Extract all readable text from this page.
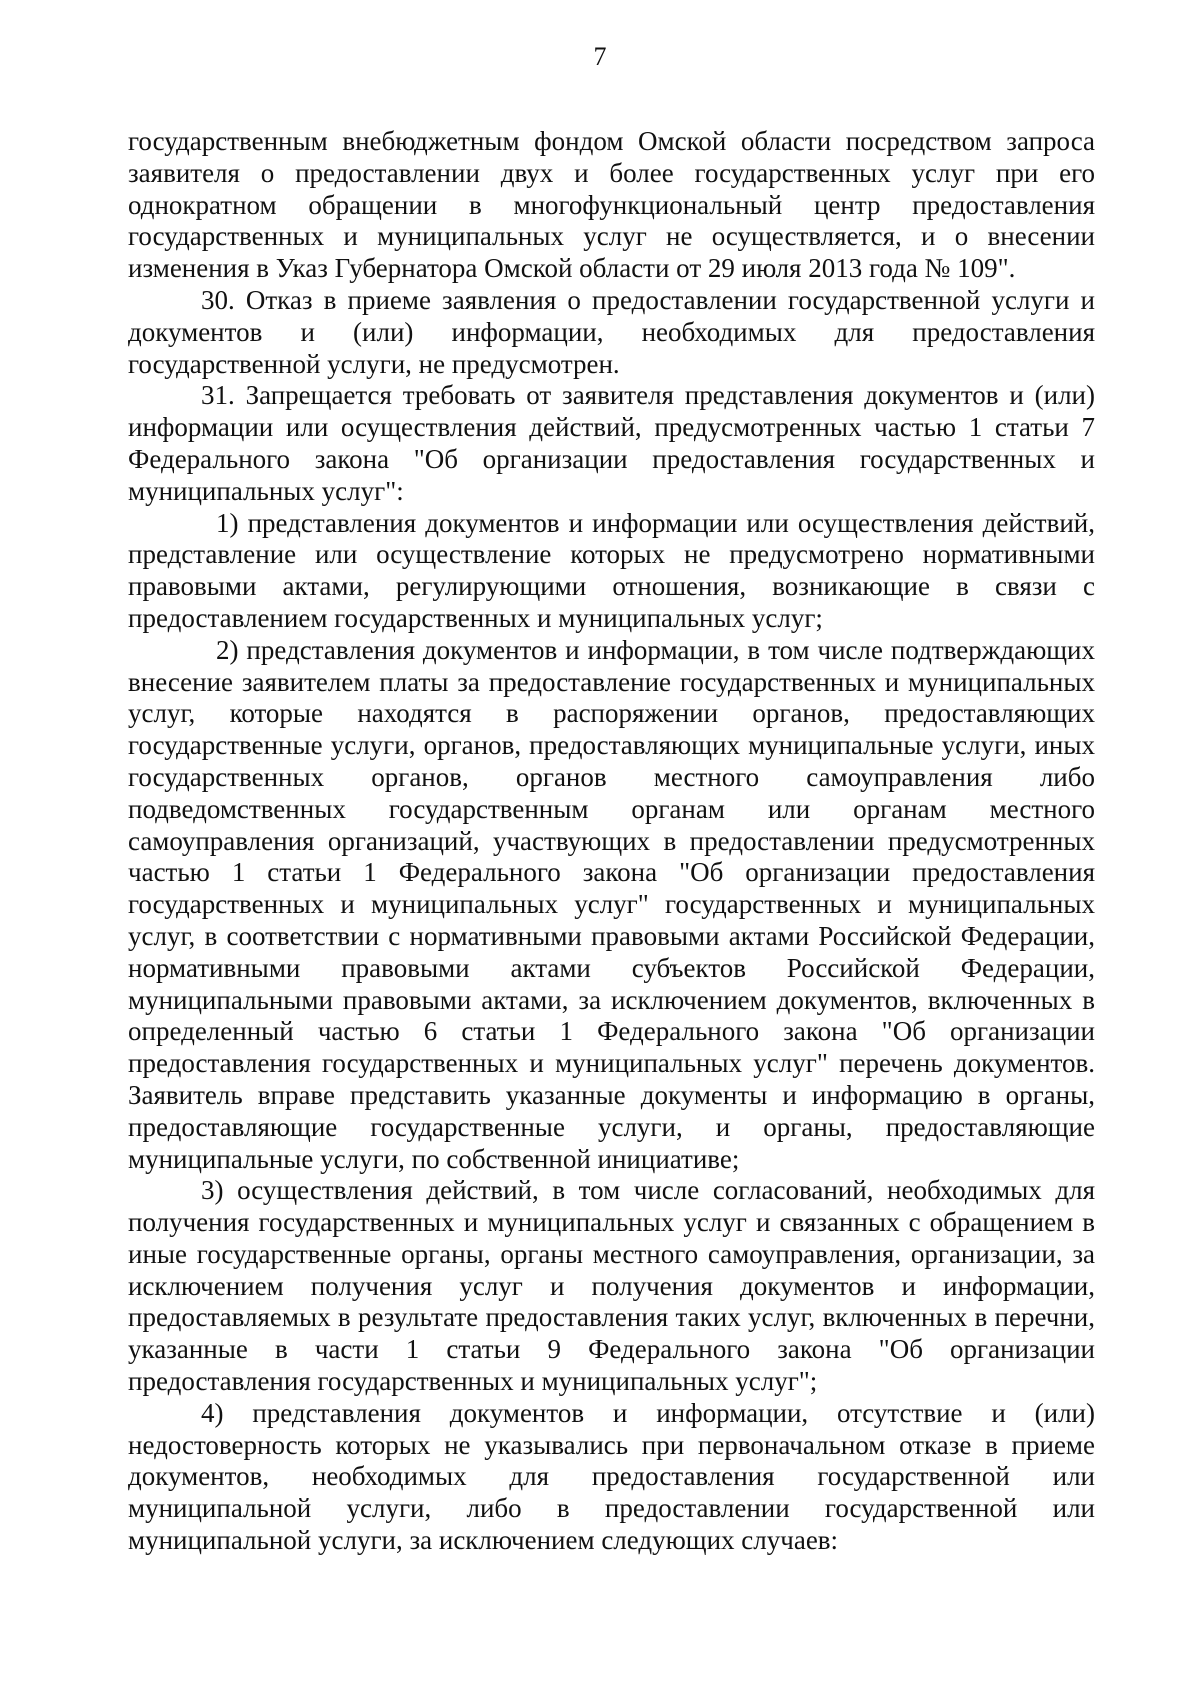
7

государственным внебюджетным фондом Омской области посредством запроса заявителя о предоставлении двух и более государственных услуг при его однократном обращении в многофункциональный центр предоставления государственных и муниципальных услуг не осуществляется, и о внесении изменения в Указ Губернатора Омской области от 29 июля 2013 года № 109".

30. Отказ в приеме заявления о предоставлении государственной услуги и документов и (или) информации, необходимых для предоставления государственной услуги, не предусмотрен.

31. Запрещается требовать от заявителя представления документов и (или) информации или осуществления действий, предусмотренных частью 1 статьи 7 Федерального закона "Об организации предоставления государственных и муниципальных услуг":

1) представления документов и информации или осуществления действий, представление или осуществление которых не предусмотрено нормативными правовыми актами, регулирующими отношения, возникающие в связи с предоставлением государственных и муниципальных услуг;

2) представления документов и информации, в том числе подтверждающих внесение заявителем платы за предоставление государственных и муниципальных услуг, которые находятся в распоряжении органов, предоставляющих государственные услуги, органов, предоставляющих муниципальные услуги, иных государственных органов, органов местного самоуправления либо подведомственных государственным органам или органам местного самоуправления организаций, участвующих в предоставлении предусмотренных частью 1 статьи 1 Федерального закона "Об организации предоставления государственных и муниципальных услуг" государственных и муниципальных услуг, в соответствии с нормативными правовыми актами Российской Федерации, нормативными правовыми актами субъектов Российской Федерации, муниципальными правовыми актами, за исключением документов, включенных в определенный частью 6 статьи 1 Федерального закона "Об организации предоставления государственных и муниципальных услуг" перечень документов. Заявитель вправе представить указанные документы и информацию в органы, предоставляющие государственные услуги, и органы, предоставляющие муниципальные услуги, по собственной инициативе;

3) осуществления действий, в том числе согласований, необходимых для получения государственных и муниципальных услуг и связанных с обращением в иные государственные органы, органы местного самоуправления, организации, за исключением получения услуг и получения документов и информации, предоставляемых в результате предоставления таких услуг, включенных в перечни, указанные в части 1 статьи 9 Федерального закона "Об организации предоставления государственных и муниципальных услуг";

4) представления документов и информации, отсутствие и (или) недостоверность которых не указывались при первоначальном отказе в приеме документов, необходимых для предоставления государственной или муниципальной услуги, либо в предоставлении государственной или муниципальной услуги, за исключением следующих случаев:
